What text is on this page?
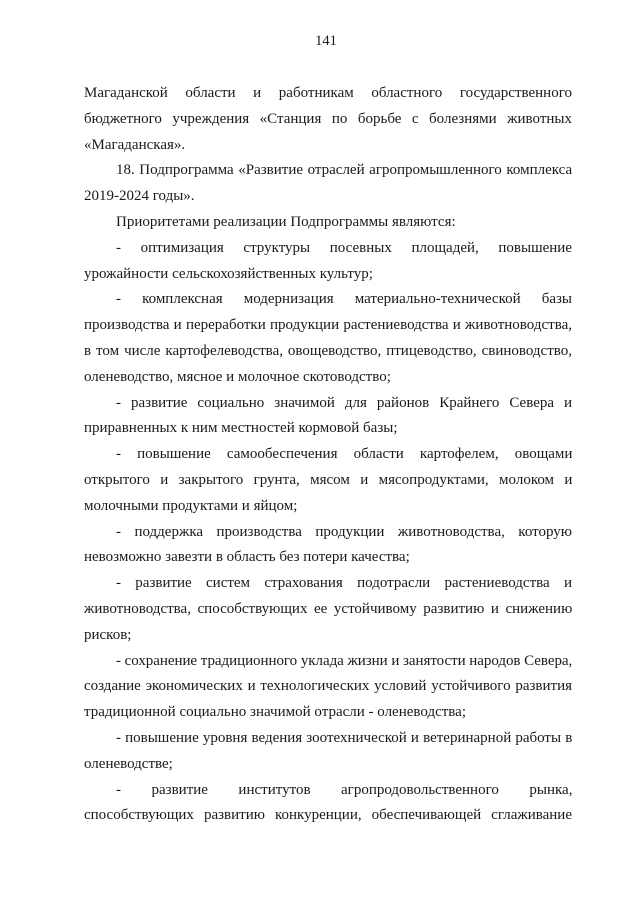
141
Магаданской области и работникам областного государственного
бюджетного учреждения «Станция по борьбе с болезнями животных
«Магаданская».
18. Подпрограмма «Развитие отраслей агропромышленного комплекса
2019-2024 годы».
Приоритетами реализации Подпрограммы являются:
- оптимизация структуры посевных площадей, повышение
урожайности сельскохозяйственных культур;
- комплексная модернизация материально-технической базы
производства и переработки продукции растениеводства и животноводства,
в том числе картофелеводства, овощеводство, птицеводство, свиноводство,
оленеводство, мясное и молочное скотоводство;
- развитие социально значимой для районов Крайнего Севера и
приравненных к ним местностей кормовой базы;
- повышение самообеспечения области картофелем, овощами
открытого и закрытого грунта, мясом и мясопродуктами, молоком и
молочными продуктами и яйцом;
- поддержка производства продукции животноводства, которую
невозможно завезти в область без потери качества;
- развитие систем страхования подотрасли растениеводства и
животноводства, способствующих ее устойчивому развитию и снижению
рисков;
- сохранение традиционного уклада жизни и занятости народов Севера,
создание экономических и технологических условий устойчивого развития
традиционной социально значимой отрасли - оленеводства;
- повышение уровня ведения зоотехнической и ветеринарной работы в
оленеводстве;
- развитие институтов агропродовольственного рынка,
способствующих развитию конкуренции, обеспечивающей сглаживание
